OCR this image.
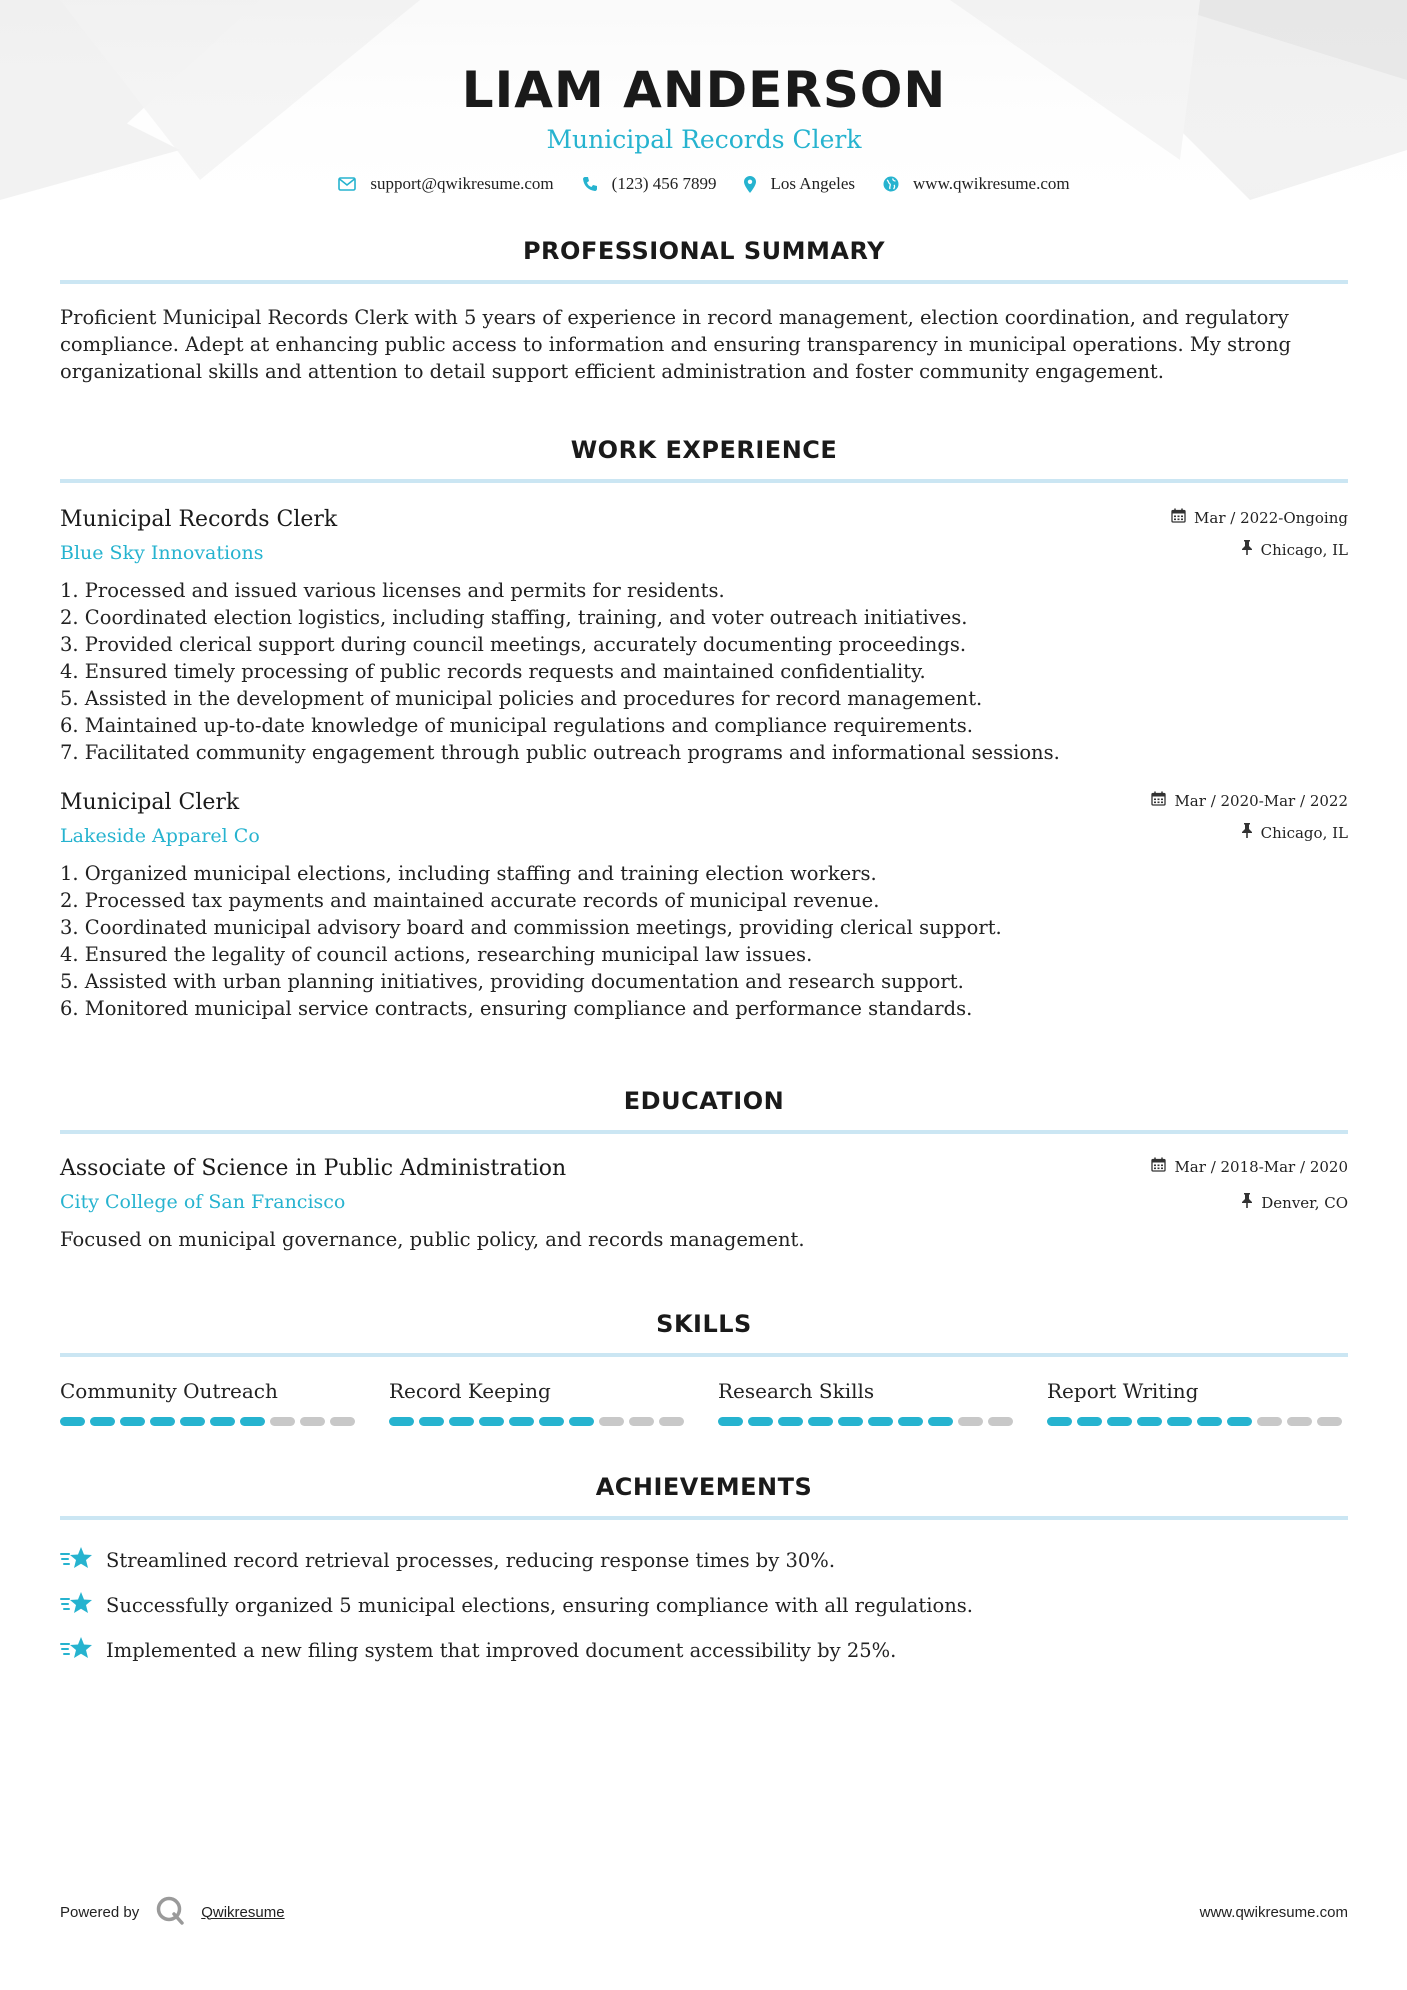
LIAM ANDERSON
Municipal Records Clerk
support@qwikresume.com	(123) 456 7899	Los Angeles	www.qwikresume.com
PROFESSIONAL SUMMARY

Proficient Municipal Records Clerk with 5 years of experience in record management, election coordination, and regulatory compliance. Adept at enhancing public access to information and ensuring transparency in municipal operations. My strong organizational skills and attention to detail support efficient administration and foster community engagement.

WORK EXPERIENCE
Municipal Records Clerk
Blue Sky Innovations
Mar / 2022-Ongoing
Chicago, IL
1. Processed and issued various licenses and permits for residents.
2. Coordinated election logistics, including staffing, training, and voter outreach initiatives.
3. Provided clerical support during council meetings, accurately documenting proceedings.
4. Ensured timely processing of public records requests and maintained confidentiality.
5. Assisted in the development of municipal policies and procedures for record management.
6. Maintained up-to-date knowledge of municipal regulations and compliance requirements.
7. Facilitated community engagement through public outreach programs and informational sessions.
Municipal Clerk
Lakeside Apparel Co
Mar / 2020-Mar / 2022
Chicago, IL
1. Organized municipal elections, including staffing and training election workers.
2. Processed tax payments and maintained accurate records of municipal revenue.
3. Coordinated municipal advisory board and commission meetings, providing clerical support.
4. Ensured the legality of council actions, researching municipal law issues.
5. Assisted with urban planning initiatives, providing documentation and research support.
6. Monitored municipal service contracts, ensuring compliance and performance standards.
EDUCATION
Associate of Science in Public Administration
City College of San Francisco
Mar / 2018-Mar / 2020
Denver, CO

Focused on municipal governance, public policy, and records management.

SKILLS
Community Outreach	Record Keeping	Research Skills	Report Writing
ACHIEVEMENTS
Streamlined record retrieval processes, reducing response times by 30%.
Successfully organized 5 municipal elections, ensuring compliance with all regulations.
Implemented a new filing system that improved document accessibility by 25%.
Powered by	Qwikresume	www.qwikresume.com
